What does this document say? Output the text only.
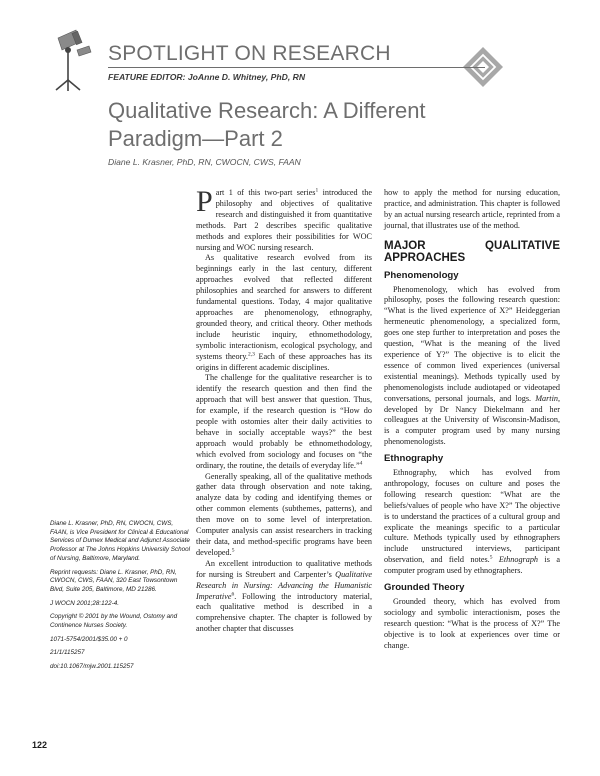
SPOTLIGHT ON RESEARCH
FEATURE EDITOR: JoAnne D. Whitney, PhD, RN
Qualitative Research: A Different Paradigm—Part 2
Diane L. Krasner, PhD, RN, CWOCN, CWS, FAAN

Part 1 of this two-part series$^1$ introduced the philosophy and objectives of qualitative research and distinguished it from quantitative methods. Part 2 describes specific qualitative methods and explores their possibilities for WOC nursing and WOC nursing research.

As qualitative research evolved from its beginnings early in the last century, different approaches evolved that reflected different philosophies and searched for answers to different fundamental questions. Today, 4 major qualitative approaches are phenomenology, ethnography, grounded theory, and critical theory. Other methods include heuristic inquiry, ethnomethodology, symbolic interactionism, ecological psychology, and systems theory.$^{2,3}$ Each of these approaches has its origins in different academic disciplines.

The challenge for the qualitative researcher is to identify the research question and then find the approach that will best answer that question. Thus, for example, if the research question is “How do people with ostomies alter their daily activities to behave in socially acceptable ways?” the best approach would probably be ethnomethodology, which evolved from sociology and focuses on “the ordinary, the routine, the details of everyday life.”$^4$

Generally speaking, all of the qualitative methods gather data through observation and note taking, analyze data by coding and identifying themes or other common elements (subthemes, patterns), and then move on to some level of interpretation. Computer analysis can assist researchers in tracking their data, and method-specific programs have been developed.$^5$

An excellent introduction to qualitative methods for nursing is Streubert and Carpenter’s Qualitative Research in Nursing: Advancing the Humanistic Imperative$^6$. Following the introductory material, each qualitative method is described in a comprehensive chapter. The chapter is followed by another chapter that discusses

how to apply the method for nursing education, practice, and administration. This chapter is followed by an actual nursing research article, reprinted from a journal, that illustrates use of the method.

MAJOR QUALITATIVE APPROACHES
Phenomenology

Phenomenology, which has evolved from philosophy, poses the following research question: “What is the lived experience of X?” Heideggerian hermeneutic phenomenology, a specialized form, goes one step further to interpretation and poses the question, “What is the meaning of the lived experience of Y?” The objective is to elicit the essence of common lived experiences (universal existential meanings). Methods typically used by phenomenologists include audiotaped or videotaped conversations, personal journals, and logs. Martin, developed by Dr Nancy Diekelmann and her colleagues at the University of Wisconsin-Madison, is a computer program used by many nursing phenomenologists.

Ethnography

Ethnography, which has evolved from anthropology, focuses on culture and poses the following research question: “What are the beliefs/values of people who have X?” The objective is to understand the practices of a cultural group and explicate the meanings specific to a particular culture. Methods typically used by ethnographers include unstructured interviews, participant observation, and field notes.$^5$ Ethnograph is a computer program used by ethnographers.

Grounded Theory

Grounded theory, which has evolved from sociology and symbolic interactionism, poses the research question: “What is the process of X?” The objective is to look at experiences over time or change.

Diane L. Krasner, PhD, RN, CWOCN, CWS, FAAN, is Vice President for Clinical & Educational Services of Dumex Medical and Adjunct Associate Professor at The Johns Hopkins University School of Nursing, Baltimore, Maryland.

Reprint requests: Diane L. Krasner, PhD, RN, CWOCN, CWS, FAAN, 320 East Towsontown Blvd, Suite 205, Baltimore, MD 21286.

J WOCN 2001;28:122-4.

Copyright © 2001 by the Wound, Ostomy and Continence Nurses Society.

1071-5754/2001/$35.00 + 0

21/1/115257

doi:10.1067/mjw.2001.115257

122
